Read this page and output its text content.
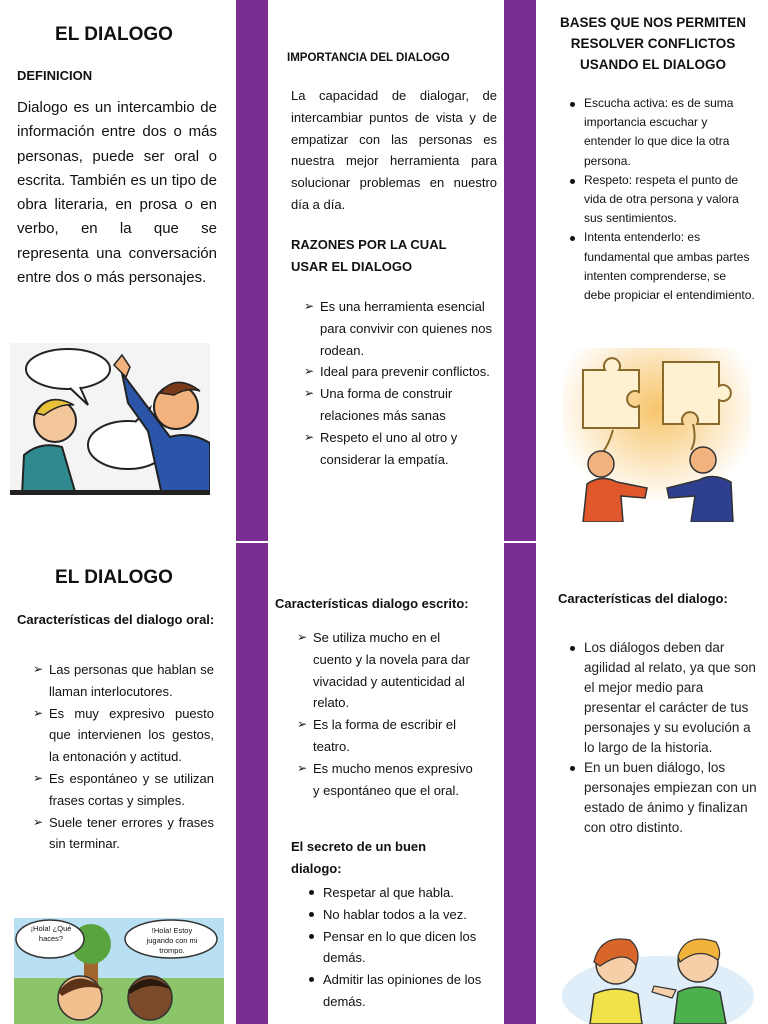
EL DIALOGO
DEFINICION
Dialogo es un intercambio de información entre dos o más personas, puede ser oral o escrita. También es un tipo de obra literaria, en prosa o en verbo, en la que se representa una conversación entre dos o más personajes.
IMPORTANCIA DEL DIALOGO
La capacidad de dialogar, de intercambiar puntos de vista y de empatizar con las personas es nuestra mejor herramienta para solucionar problemas en nuestro día a día.
RAZONES POR LA CUAL USAR EL DIALOGO
➢ Es una herramienta esencial para convivir con quienes nos rodean.
➢ Ideal para prevenir conflictos.
➢ Una forma de construir relaciones más sanas
➢ Respeto el uno al otro y considerar la empatía.
BASES QUE NOS PERMITEN RESOLVER CONFLICTOS USANDO EL DIALOGO
Escucha activa: es de suma importancia escuchar y entender lo que dice la otra persona.
Respeto: respeta el punto de vida de otra persona y valora sus sentimientos.
Intenta entenderlo: es fundamental que ambas partes intenten comprenderse, se debe propiciar el entendimiento.
EL DIALOGO
Características del dialogo oral:
➢ Las personas que hablan se llaman interlocutores.
➢ Es muy expresivo puesto que intervienen los gestos, la entonación y actitud.
➢ Es espontáneo y se utilizan frases cortas y simples.
➢ Suele tener errores y frases sin terminar.
¡Hola! ¿Qué haces?
!Hola! Estoy jugando con mi trompo.
Características dialogo escrito:
➢ Se utiliza mucho en el cuento y la novela para dar vivacidad y autenticidad al relato.
➢ Es la forma de escribir el teatro.
➢ Es mucho menos expresivo y espontáneo que el oral.
El secreto de un buen dialogo:
Respetar al que habla.
No hablar todos a la vez.
Pensar en lo que dicen los demás.
Admitir las opiniones de los demás.
Características del dialogo:
Los diálogos deben dar agilidad al relato, ya que son el mejor medio para presentar el carácter de tus personajes y su evolución a lo largo de la historia.
En un buen diálogo, los personajes empiezan con un estado de ánimo y finalizan con otro distinto.
